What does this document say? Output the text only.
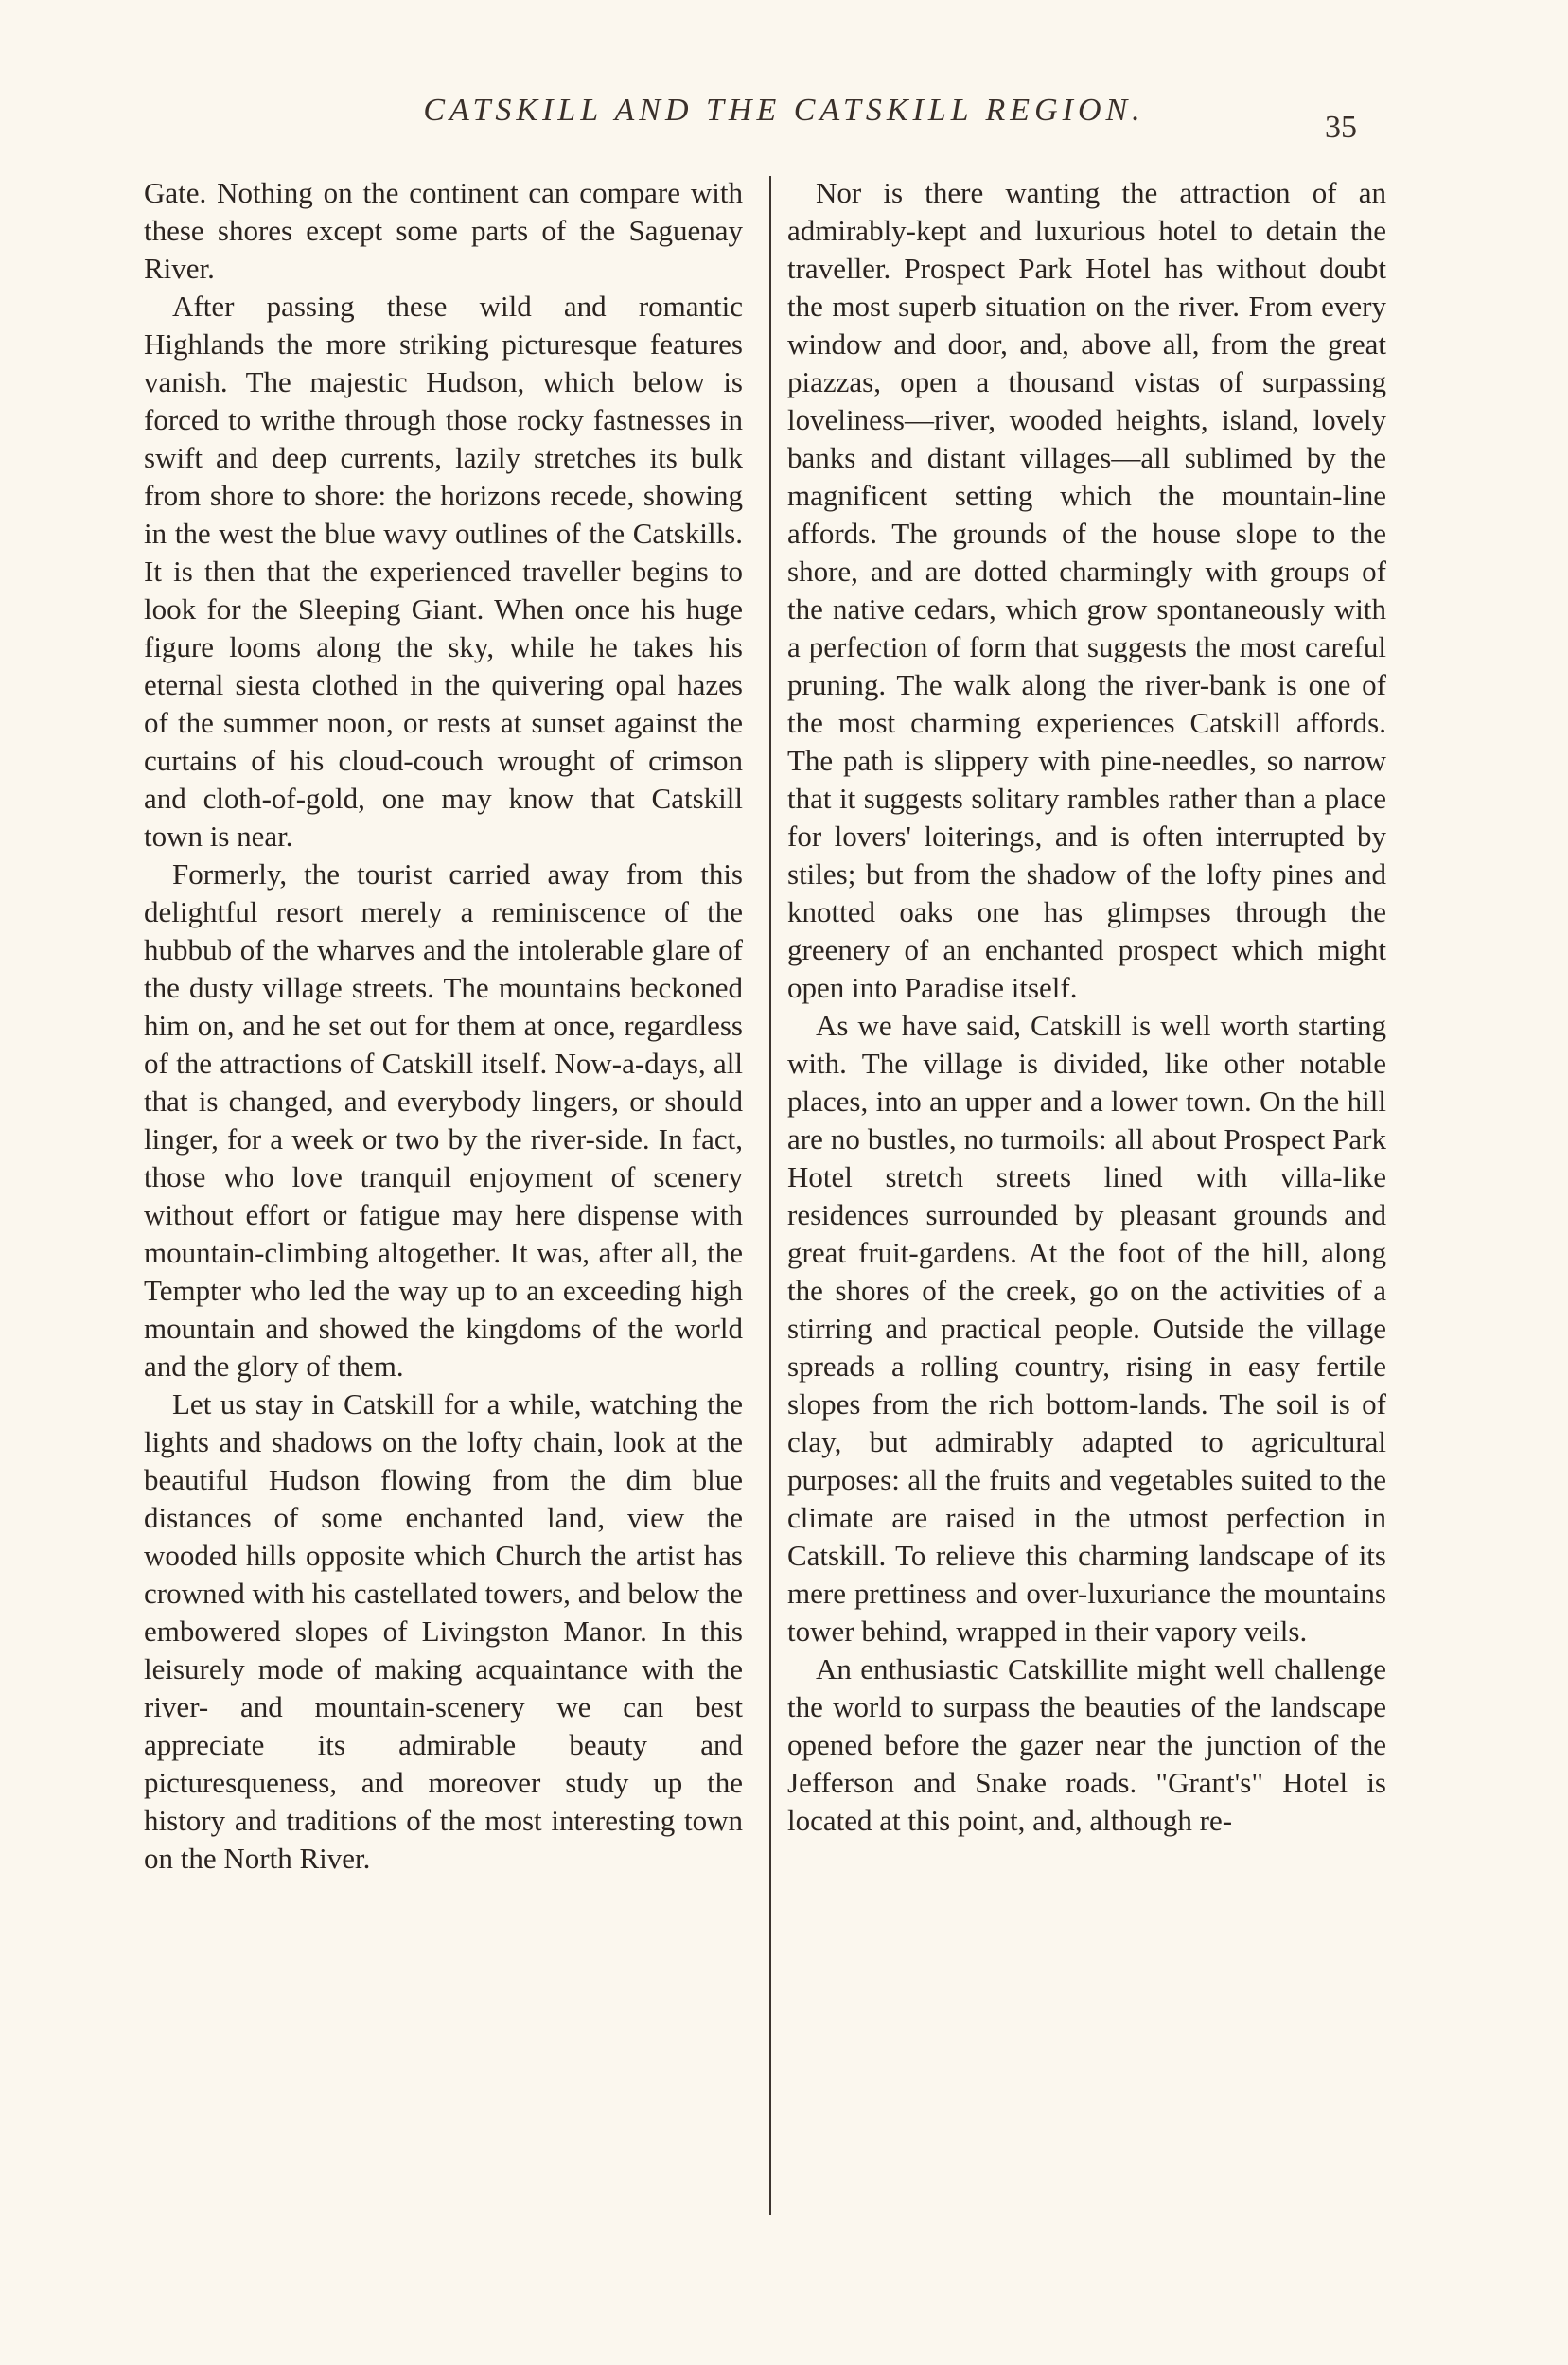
CATSKILL AND THE CATSKILL REGION.	35

Gate. Nothing on the continent can compare with these shores except some parts of the Saguenay River.

After passing these wild and romantic Highlands the more striking picturesque features vanish. The majestic Hudson, which below is forced to writhe through those rocky fastnesses in swift and deep currents, lazily stretches its bulk from shore to shore: the horizons recede, showing in the west the blue wavy outlines of the Catskills. It is then that the experienced traveller begins to look for the Sleeping Giant. When once his huge figure looms along the sky, while he takes his eternal siesta clothed in the quivering opal hazes of the summer noon, or rests at sunset against the curtains of his cloud-couch wrought of crimson and cloth-of-gold, one may know that Catskill town is near.

Formerly, the tourist carried away from this delightful resort merely a reminiscence of the hubbub of the wharves and the intolerable glare of the dusty village streets. The mountains beckoned him on, and he set out for them at once, regardless of the attractions of Catskill itself. Now-a-days, all that is changed, and everybody lingers, or should linger, for a week or two by the river-side. In fact, those who love tranquil enjoyment of scenery without effort or fatigue may here dispense with mountain-climbing altogether. It was, after all, the Tempter who led the way up to an exceeding high mountain and showed the kingdoms of the world and the glory of them.

Let us stay in Catskill for a while, watching the lights and shadows on the lofty chain, look at the beautiful Hudson flowing from the dim blue distances of some enchanted land, view the wooded hills opposite which Church the artist has crowned with his castellated towers, and below the embowered slopes of Livingston Manor. In this leisurely mode of making acquaintance with the river- and mountain-scenery we can best appreciate its admirable beauty and picturesqueness, and moreover study up the history and traditions of the most interesting town on the North River.

Nor is there wanting the attraction of an admirably-kept and luxurious hotel to detain the traveller. Prospect Park Hotel has without doubt the most superb situation on the river. From every window and door, and, above all, from the great piazzas, open a thousand vistas of surpassing loveliness—river, wooded heights, island, lovely banks and distant villages—all sublimed by the magnificent setting which the mountain-line affords. The grounds of the house slope to the shore, and are dotted charmingly with groups of the native cedars, which grow spontaneously with a perfection of form that suggests the most careful pruning. The walk along the river-bank is one of the most charming experiences Catskill affords. The path is slippery with pine-needles, so narrow that it suggests solitary rambles rather than a place for lovers' loiterings, and is often interrupted by stiles; but from the shadow of the lofty pines and knotted oaks one has glimpses through the greenery of an enchanted prospect which might open into Paradise itself.

As we have said, Catskill is well worth starting with. The village is divided, like other notable places, into an upper and a lower town. On the hill are no bustles, no turmoils: all about Prospect Park Hotel stretch streets lined with villa-like residences surrounded by pleasant grounds and great fruit-gardens. At the foot of the hill, along the shores of the creek, go on the activities of a stirring and practical people. Outside the village spreads a rolling country, rising in easy fertile slopes from the rich bottom-lands. The soil is of clay, but admirably adapted to agricultural purposes: all the fruits and vegetables suited to the climate are raised in the utmost perfection in Catskill. To relieve this charming landscape of its mere prettiness and over-luxuriance the mountains tower behind, wrapped in their vapory veils.

An enthusiastic Catskillite might well challenge the world to surpass the beauties of the landscape opened before the gazer near the junction of the Jefferson and Snake roads. "Grant's" Hotel is located at this point, and, although re-
